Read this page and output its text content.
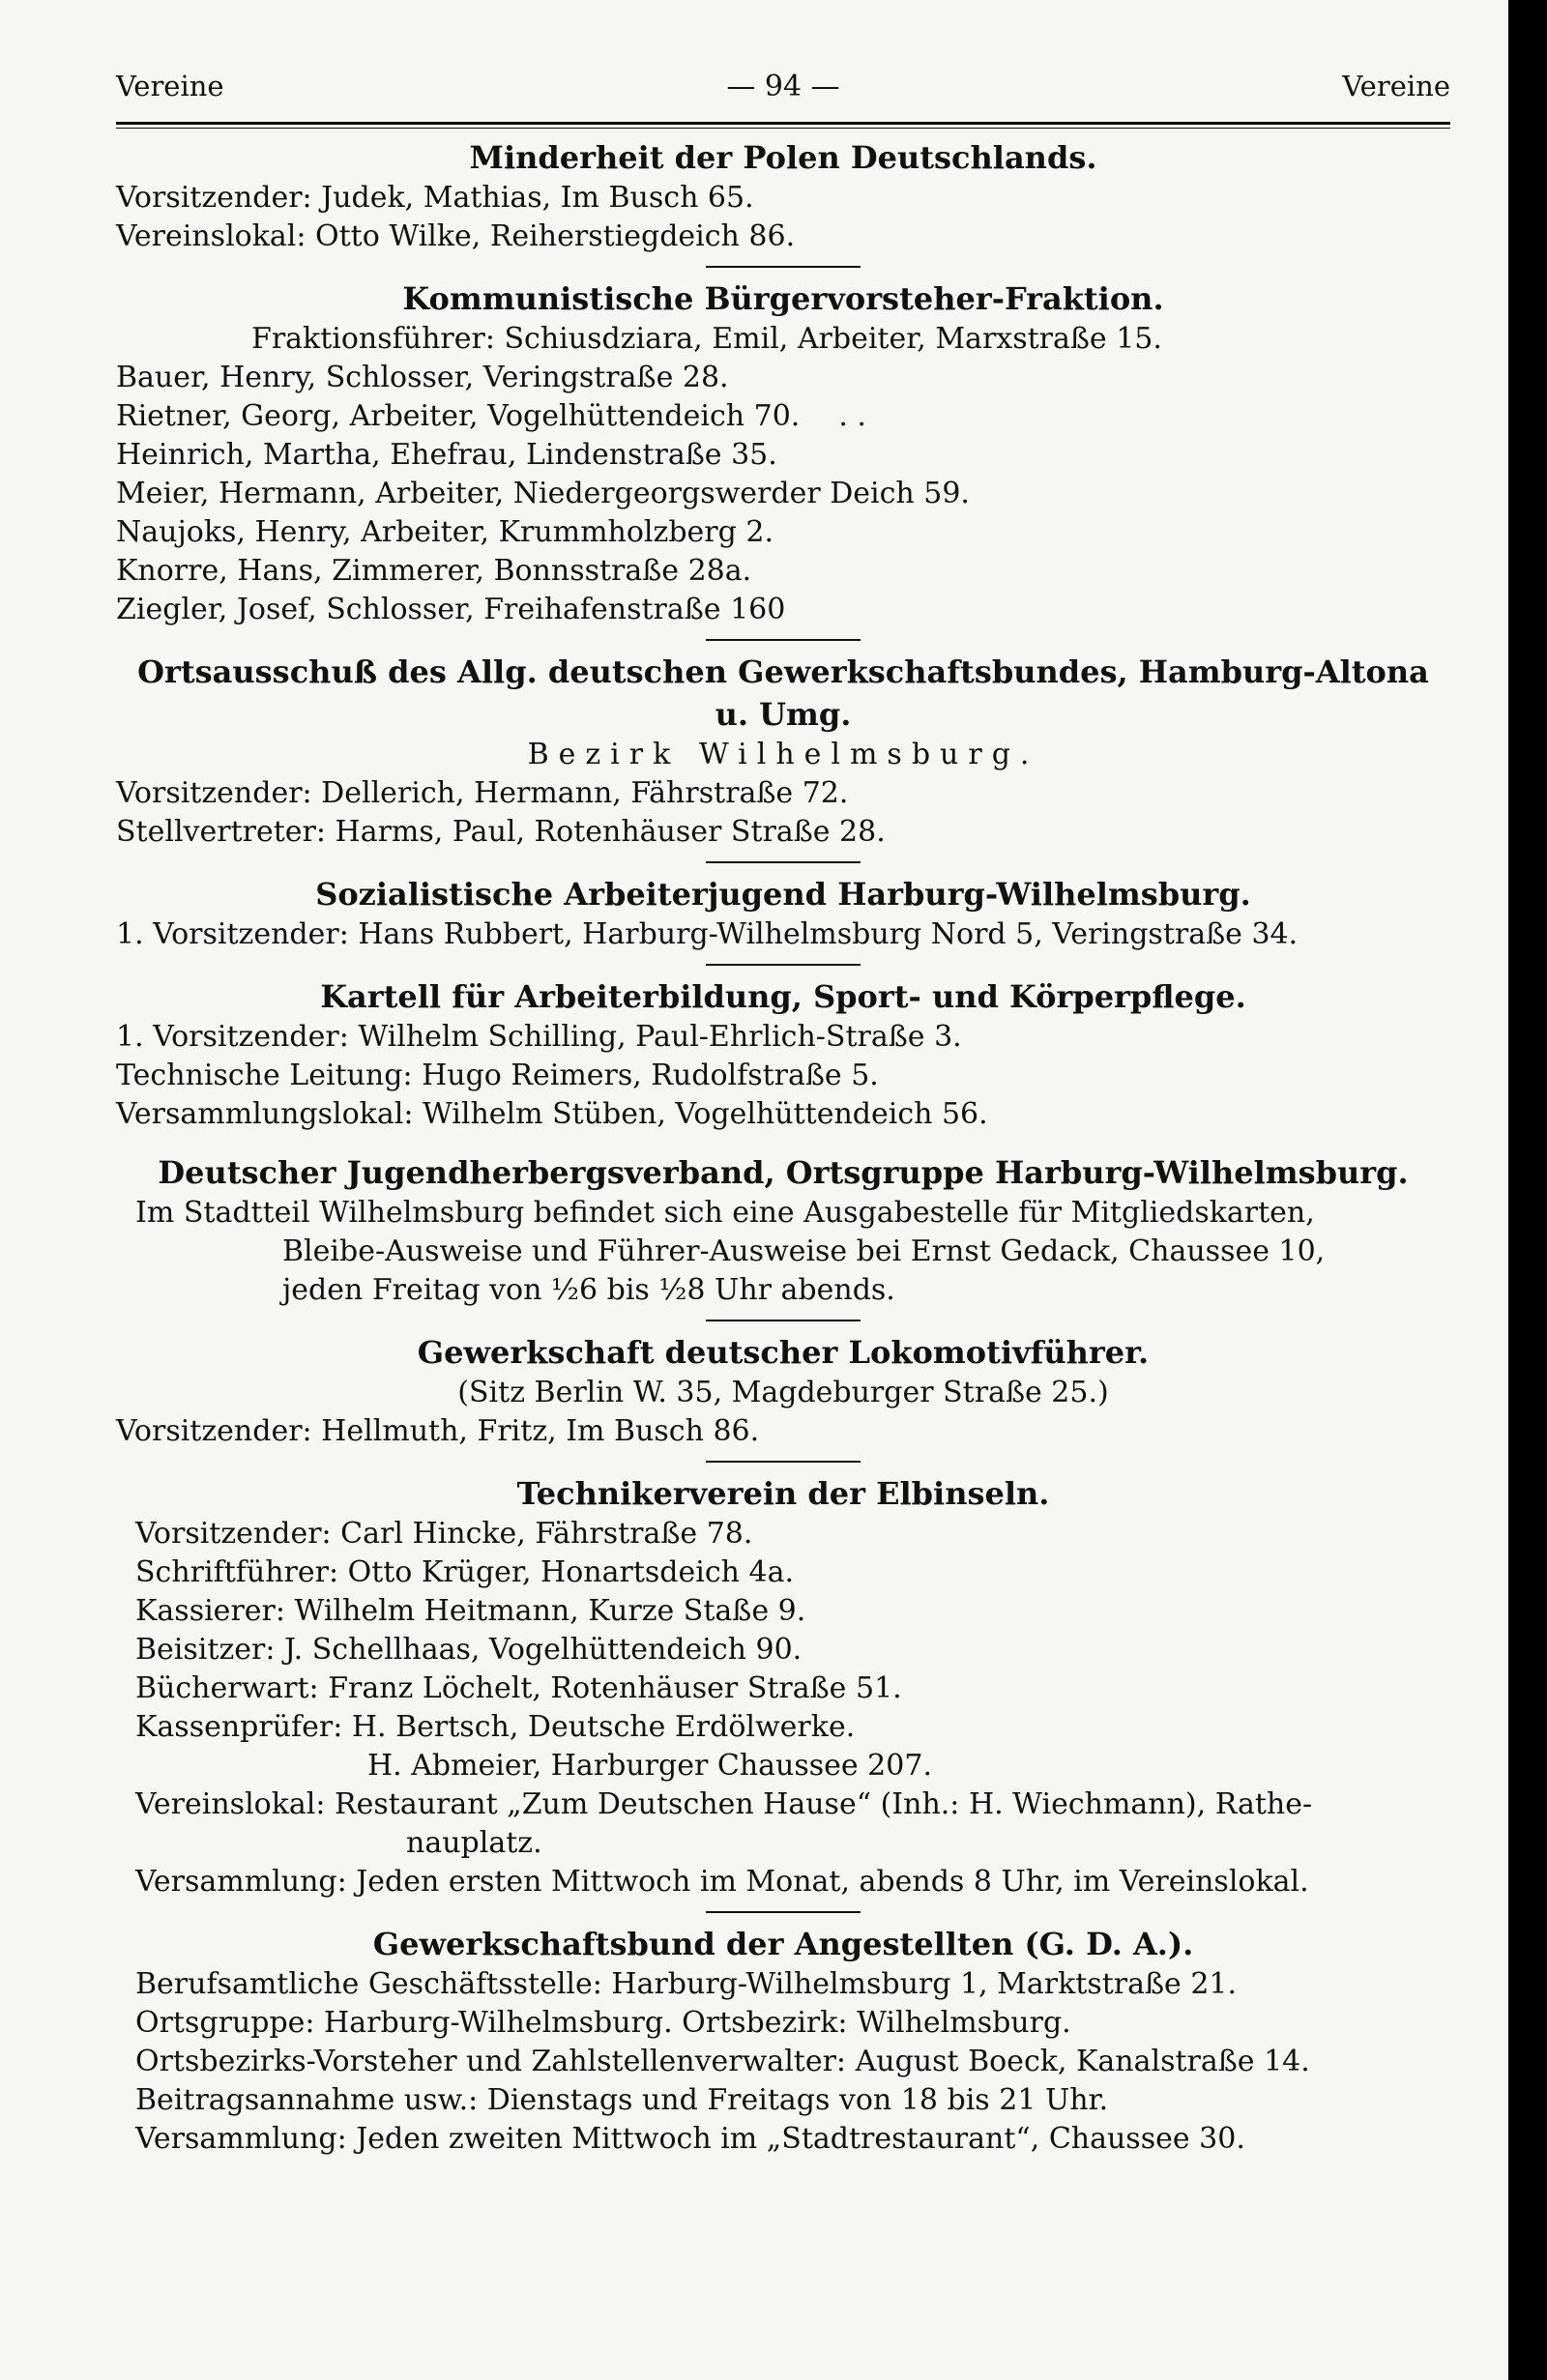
Vereine	— 94 —	Vereine
Minderheit der Polen Deutschlands.
Vorsitzender: Judek, Mathias, Im Busch 65.
Vereinslokal: Otto Wilke, Reiherstiegdeich 86.
Kommunistische Bürgervorsteher-Fraktion.
Fraktionsführer: Schiusdziara, Emil, Arbeiter, Marxstraße 15.
Bauer, Henry, Schlosser, Veringstraße 28.
Rietner, Georg, Arbeiter, Vogelhüttendeich 70. . .
Heinrich, Martha, Ehefrau, Lindenstraße 35.
Meier, Hermann, Arbeiter, Niedergeorgswerder Deich 59.
Naujoks, Henry, Arbeiter, Krummholzberg 2.
Knorre, Hans, Zimmerer, Bonnsstraße 28a.
Ziegler, Josef, Schlosser, Freihafenstraße 160
Ortsausschuß des Allg. deutschen Gewerkschaftsbundes, Hamburg-Altona u. Umg.
Bezirk Wilhelmsburg.
Vorsitzender: Dellerich, Hermann, Fährstraße 72.
Stellvertreter: Harms, Paul, Rotenhäuser Straße 28.
Sozialistische Arbeiterjugend Harburg-Wilhelmsburg.
1. Vorsitzender: Hans Rubbert, Harburg-Wilhelmsburg Nord 5, Veringstraße 34.
Kartell für Arbeiterbildung, Sport- und Körperpflege.
1. Vorsitzender: Wilhelm Schilling, Paul-Ehrlich-Straße 3.
Technische Leitung: Hugo Reimers, Rudolfstraße 5.
Versammlungslokal: Wilhelm Stüben, Vogelhüttendeich 56.
Deutscher Jugendherbergsverband, Ortsgruppe Harburg-Wilhelmsburg.
Im Stadtteil Wilhelmsburg befindet sich eine Ausgabestelle für Mitgliedskarten,
Bleibe-Ausweise und Führer-Ausweise bei Ernst Gedack, Chaussee 10,
jeden Freitag von ½6 bis ½8 Uhr abends.
Gewerkschaft deutscher Lokomotivführer.
(Sitz Berlin W. 35, Magdeburger Straße 25.)
Vorsitzender: Hellmuth, Fritz, Im Busch 86.
Technikerverein der Elbinseln.
Vorsitzender: Carl Hincke, Fährstraße 78.
Schriftführer: Otto Krüger, Honartsdeich 4a.
Kassierer: Wilhelm Heitmann, Kurze Staße 9.
Beisitzer: J. Schellhaas, Vogelhüttendeich 90.
Bücherwart: Franz Löchelt, Rotenhäuser Straße 51.
Kassenprüfer: H. Bertsch, Deutsche Erdölwerke.
H. Abmeier, Harburger Chaussee 207.
Vereinslokal: Restaurant „Zum Deutschen Hause“ (Inh.: H. Wiechmann), Rathe-
nauplatz.
Versammlung: Jeden ersten Mittwoch im Monat, abends 8 Uhr, im Vereinslokal.
Gewerkschaftsbund der Angestellten (G. D. A.).
Berufsamtliche Geschäftsstelle: Harburg-Wilhelmsburg 1, Marktstraße 21.
Ortsgruppe: Harburg-Wilhelmsburg. Ortsbezirk: Wilhelmsburg.
Ortsbezirks-Vorsteher und Zahlstellenverwalter: August Boeck, Kanalstraße 14.
Beitragsannahme usw.: Dienstags und Freitags von 18 bis 21 Uhr.
Versammlung: Jeden zweiten Mittwoch im „Stadtrestaurant“, Chaussee 30.
